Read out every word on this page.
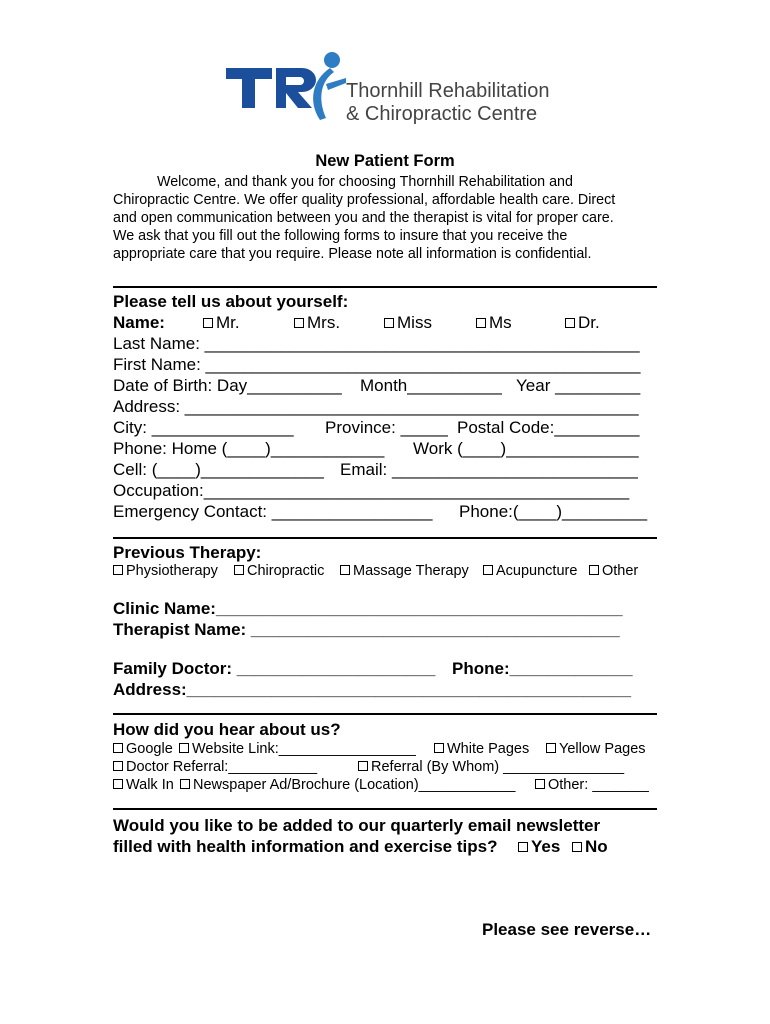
Thornhill Rehabilitation
& Chiropractic Centre
New Patient Form
Welcome, and thank you for choosing Thornhill Rehabilitation and
Chiropractic Centre. We offer quality professional, affordable health care. Direct
and open communication between you and the therapist is vital for proper care.
We ask that you fill out the following forms to insure that you receive the
appropriate care that you require. Please note all information is confidential.
Please tell us about yourself:
Name:	Mr.	Mrs.	Miss	Ms	Dr.
Last Name: ______________________________________________
First Name: ______________________________________________
Date of Birth: Day__________ Month__________ Year _________
Address: ________________________________________________
City: _______________ Province: _____ Postal Code:_________
Phone: Home (____)____________ Work (____)______________
Cell: (____)_____________ Email: __________________________
Occupation:_____________________________________________
Emergency Contact: _________________ Phone:(____)_________
Previous Therapy:
Physiotherapy	Chiropractic	Massage Therapy	Acupuncture	Other
Clinic Name:___________________________________________
Therapist Name: _______________________________________
Family Doctor: _____________________ Phone:_____________
Address:_______________________________________________
How did you hear about us?
Google	Website Link:_________________	White Pages	Yellow Pages
Doctor Referral:___________	Referral (By Whom) _______________
Walk In	Newspaper Ad/Brochure (Location)____________	Other: _______
Would you like to be added to our quarterly email newsletter
filled with health information and exercise tips?	Yes	No
Please see reverse…
